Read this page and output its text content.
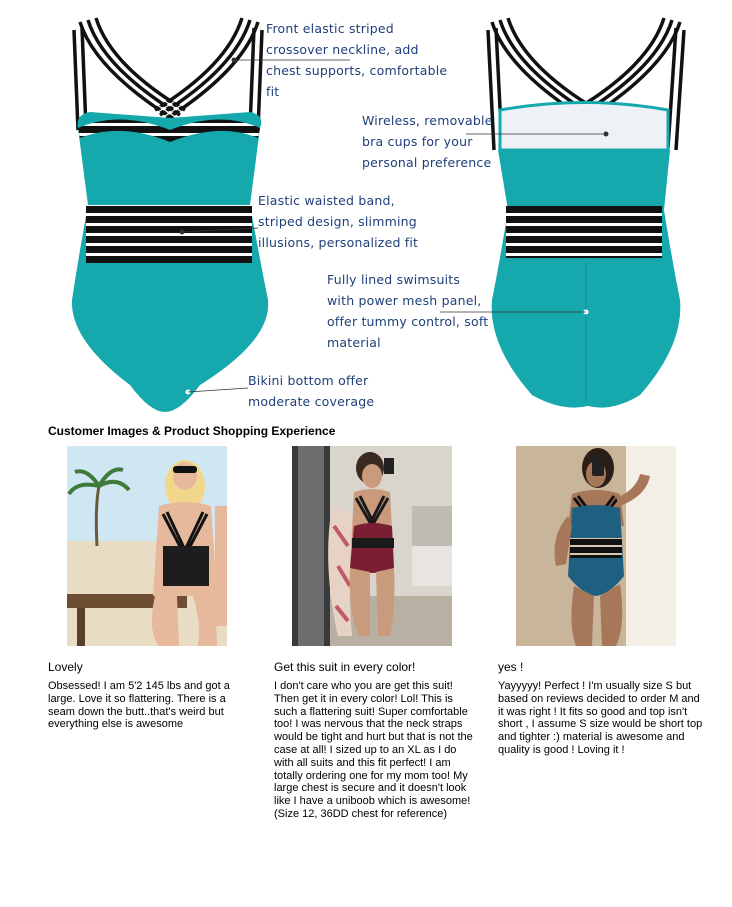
Front elastic striped
crossover neckline, add
chest supports, comfortable
fit
Wireless, removable
bra cups for your
personal preference
Elastic waisted band,
striped design, slimming
illusions, personalized fit
Fully lined swimsuits
with power mesh panel,
offer tummy control, soft
material
Bikini bottom offer
moderate coverage
Customer Images & Product Shopping Experience
Lovely
Obsessed! I am 5'2 145 lbs and got a large. Love it so flattering. There is a seam down the butt..that's weird but everything else is awesome
Get this suit in every color!
I don't care who you are get this suit! Then get it in every color! Lol! This is such a flattering suit! Super comfortable too! I was nervous that the neck straps would be tight and hurt but that is not the case at all! I sized up to an XL as I do with all suits and this fit perfect! I am totally ordering one for my mom too! My large chest is secure and it doesn't look like I have a uniboob which is awesome! (Size 12, 36DD chest for reference)
yes !
Yayyyyy! Perfect ! I'm usually size S but based on reviews decided to order M and it was right ! It fits so good and top isn't short , I assume S size would be short top and tighter :) material is awesome and quality is good ! Loving it !
